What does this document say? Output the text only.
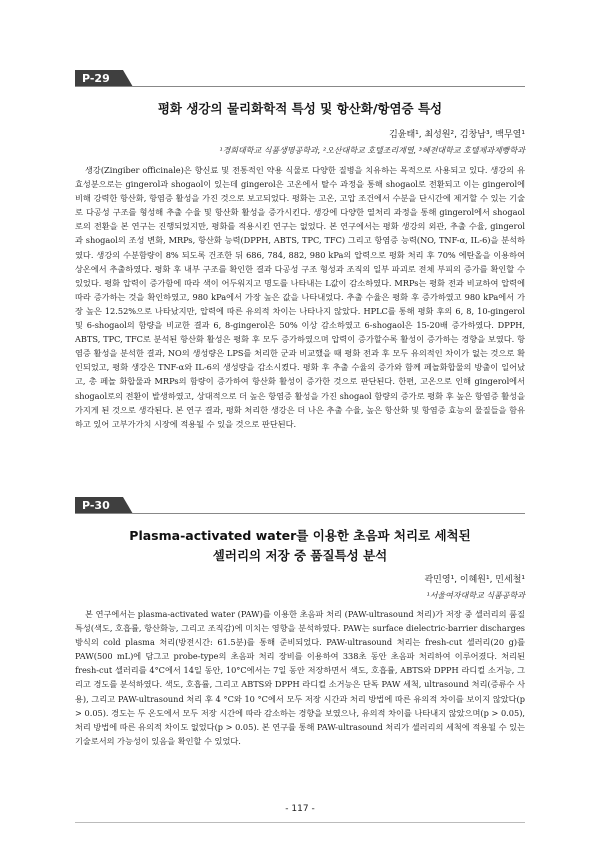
P-29
평화 생강의 물리화학적 특성 및 항산화/항염증 특성
김윤태¹, 최성원², 김창남³, 백무열¹
¹경희대학교 식품생명공학과, ²오산대학교 호텔조리계열, ³혜전대학교 호텔제과제빵학과

생강(Zingiber officinale)은 향신료 및 전통적인 약용 식물로 다양한 질병을 치유하는 목적으로 사용되고 있다. 생강의 유효성분으로는 gingerol과 shogaol이 있는데 gingerol은 고온에서 탈수 과정을 통해 shogaol로 전환되고 이는 gingerol에 비해 강력한 항산화, 항염증 활성을 가진 것으로 보고되었다. 평화는 고온, 고압 조건에서 수분을 단시간에 제거할 수 있는 기술로 다공성 구조를 형성해 추출 수율 및 항산화 활성을 증가시킨다. 생강에 다양한 열처리 과정을 통해 gingerol에서 shogaol로의 전환을 본 연구는 진행되었지만, 평화를 적용시킨 연구는 없었다. 본 연구에서는 평화 생강의 외관, 추출 수율, gingerol과 shogaol의 조성 변화, MRPs, 항산화 능력(DPPH, ABTS, TPC, TFC) 그리고 항염증 능력(NO, TNF-α, IL-6)을 분석하였다. 생강의 수분함량이 8% 되도록 건조한 뒤 686, 784, 882, 980 kPa의 압력으로 평화 처리 후 70% 에탄올을 이용하여 상온에서 추출하였다. 평화 후 내부 구조를 확인한 결과 다공성 구조 형성과 조직의 일부 파괴로 전체 부피의 증가를 확인할 수 있었다. 평화 압력이 증가함에 따라 색이 어두워지고 명도를 나타내는 L값이 감소하였다. MRPs는 평화 전과 비교하여 압력에 따라 증가하는 것을 확인하였고, 980 kPa에서 가장 높은 값을 나타내었다. 추출 수율은 평화 후 증가하였고 980 kPa에서 가장 높은 12.52%으로 나타났지만, 압력에 따른 유의적 차이는 나타나지 않았다. HPLC를 통해 평화 후의 6, 8, 10-gingerol 및 6-shogaol의 함량을 비교한 결과 6, 8-gingerol은 50% 이상 감소하였고 6-shogaol은 15-20배 증가하였다. DPPH, ABTS, TPC, TFC로 분석된 항산화 활성은 평화 후 모두 증가하였으며 압력이 증가할수록 활성이 증가하는 경향을 보였다. 항염증 활성을 분석한 결과, NO의 생성량은 LPS를 처리한 군과 비교했을 때 평화 전과 후 모두 유의적인 차이가 없는 것으로 확인되었고, 평화 생강은 TNF-α와 IL-6의 생성량을 감소시켰다. 평화 후 추출 수율의 증가와 함께 페놀화합물의 방출이 일어났고, 총 페놀 화합물과 MRPs의 함량이 증가하여 항산화 활성이 증가한 것으로 판단된다. 한편, 고온으로 인해 gingerol에서 shogaol로의 전환이 발생하였고, 상대적으로 더 높은 항염증 활성을 가진 shogaol 함량의 증가로 평화 후 높은 항염증 활성을 가지게 된 것으로 생각된다. 본 연구 결과, 평화 처리한 생강은 더 나은 추출 수율, 높은 항산화 및 항염증 효능의 물질들을 함유하고 있어 고부가가치 시장에 적용될 수 있을 것으로 판단된다.

P-30
Plasma-activated water를 이용한 초음파 처리로 세척된
셀러리의 저장 중 품질특성 분석
곽민영¹, 이혜원¹, 민세철¹
¹서울여자대학교 식품공학과

본 연구에서는 plasma-activated water (PAW)를 이용한 초음파 처리 (PAW-ultrasound 처리)가 저장 중 셀러리의 품질 특성(색도, 호흡률, 항산화능, 그리고 조직감)에 미치는 영향을 분석하였다. PAW는 surface dielectric-barrier discharges 방식의 cold plasma 처리(방전시간: 61.5분)를 통해 준비되었다. PAW-ultrasound 처리는 fresh-cut 셀러리(20 g)를 PAW(500 mL)에 담그고 probe-type의 초음파 처리 장비를 이용하여 338초 동안 초음파 처리하여 이루어졌다. 처리된 fresh-cut 셀러리를 4°C에서 14일 동안, 10°C에서는 7일 동안 저장하면서 색도, 호흡률, ABTS와 DPPH 라디컬 소거능, 그리고 경도를 분석하였다. 색도, 호흡률, 그리고 ABTS와 DPPH 라디컬 소거능은 단독 PAW 세척, ultrasound 처리(증류수 사용), 그리고 PAW-ultrasound 처리 후 4 °C와 10 °C에서 모두 저장 시간과 처리 방법에 따른 유의적 차이를 보이지 않았다(p > 0.05). 경도는 두 온도에서 모두 저장 시간에 따라 감소하는 경향을 보였으나, 유의적 차이를 나타내지 않았으며(p > 0.05), 처리 방법에 따른 유의적 차이도 없었다(p > 0.05). 본 연구를 통해 PAW-ultrasound 처리가 셀러리의 세척에 적용될 수 있는 기술로서의 가능성이 있음을 확인할 수 있었다.

- 117 -
